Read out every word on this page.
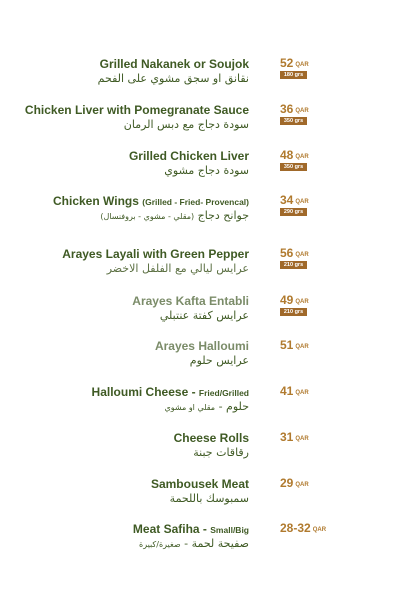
Grilled Nakanek or Soujok
نقانق او سجق مشوي على الفحم
52 QAR
180 grs
Chicken Liver with Pomegranate Sauce
سودة دجاج مع دبس الرمان
36 QAR
350 grs
Grilled Chicken Liver
سودة دجاج مشوي
48 QAR
350 grs
Chicken Wings (Grilled - Fried- Provencal)
جوانح دجاج (مقلي - مشوي - بروفنسال)
34 QAR
290 grs
Arayes Layali with Green Pepper
عرايس ليالي مع الفلفل الاخضر
56 QAR
210 grs
Arayes Kafta Entabli
عرايس كفتة عنتبلي
49 QAR
210 grs
Arayes Halloumi
عرايس حلوم
51 QAR
Halloumi Cheese - Fried/Grilled
حلوم - مقلي او مشوي
41 QAR
Cheese Rolls
رقاقات جبنة
31 QAR
Sambousek Meat
سمبوسك باللحمة
29 QAR
Meat Safiha - Small/Big
صفيحة لحمة - صغيرة/كبيرة
28-32 QAR
